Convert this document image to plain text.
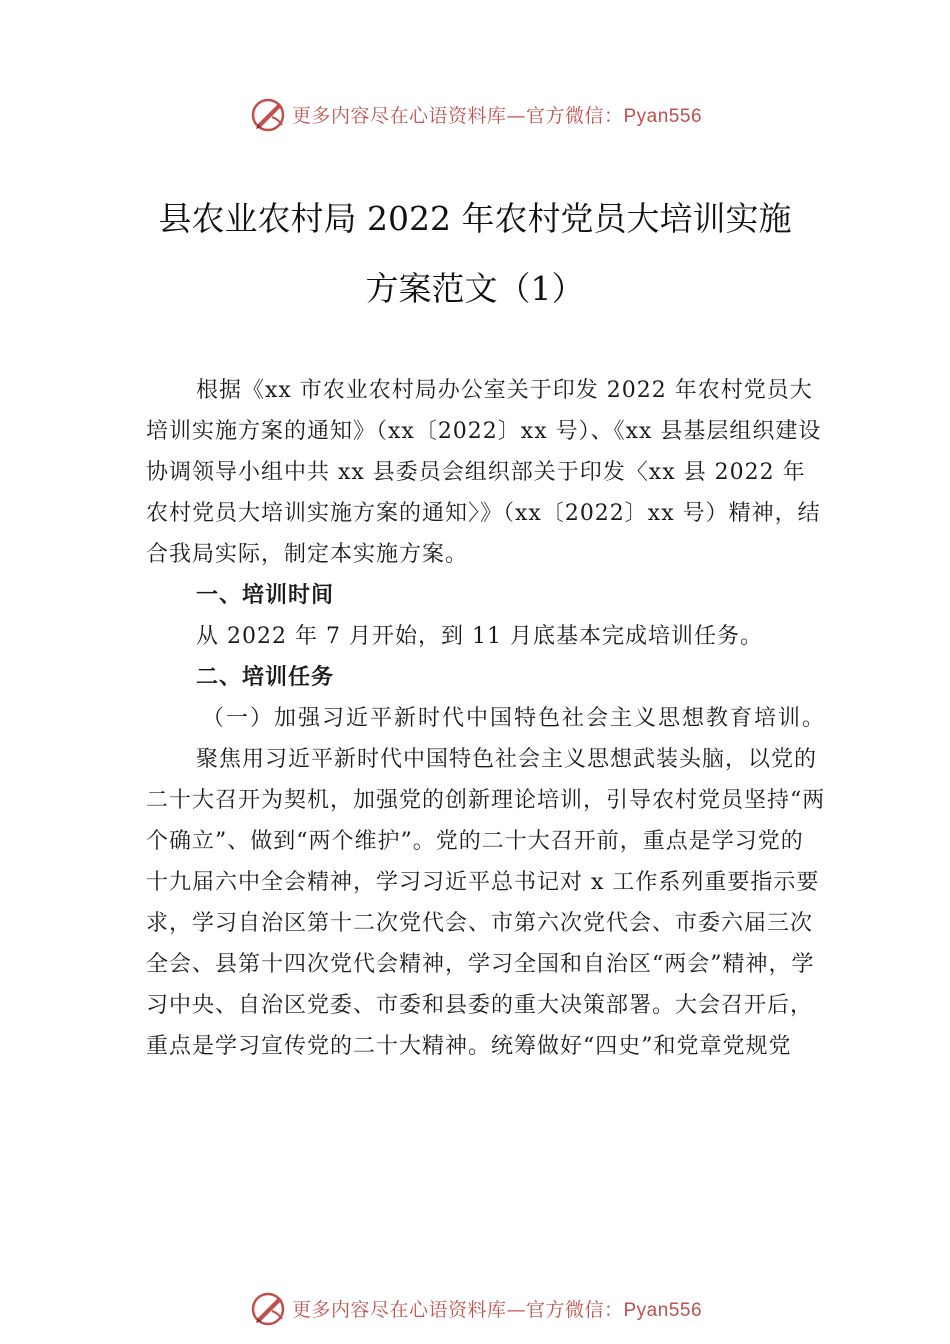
更多内容尽在心语资料库—官方微信：Pyan556
县农业农村局 2022 年农村党员大培训实施
方案范文（1）

根据《xx 市农业农村局办公室关于印发 2022 年农村党员大培训实施方案的通知》（xx〔2022〕xx 号）、《xx 县基层组织建设协调领导小组中共 xx 县委员会组织部关于印发〈xx 县 2022 年农村党员大培训实施方案的通知〉》（xx〔2022〕xx 号）精神，结合我局实际，制定本实施方案。

一、培训时间

从 2022 年 7 月开始，到 11 月底基本完成培训任务。

二、培训任务

（一）加强习近平新时代中国特色社会主义思想教育培训。

聚焦用习近平新时代中国特色社会主义思想武装头脑，以党的二十大召开为契机，加强党的创新理论培训，引导农村党员坚持“两个确立”、做到“两个维护”。党的二十大召开前，重点是学习党的十九届六中全会精神，学习习近平总书记对 x 工作系列重要指示要求，学习自治区第十二次党代会、市第六次党代会、市委六届三次全会、县第十四次党代会精神，学习全国和自治区“两会”精神，学习中央、自治区党委、市委和县委的重大决策部署。大会召开后，重点是学习宣传党的二十大精神。统筹做好“四史”和党章党规党

更多内容尽在心语资料库—官方微信：Pyan556
